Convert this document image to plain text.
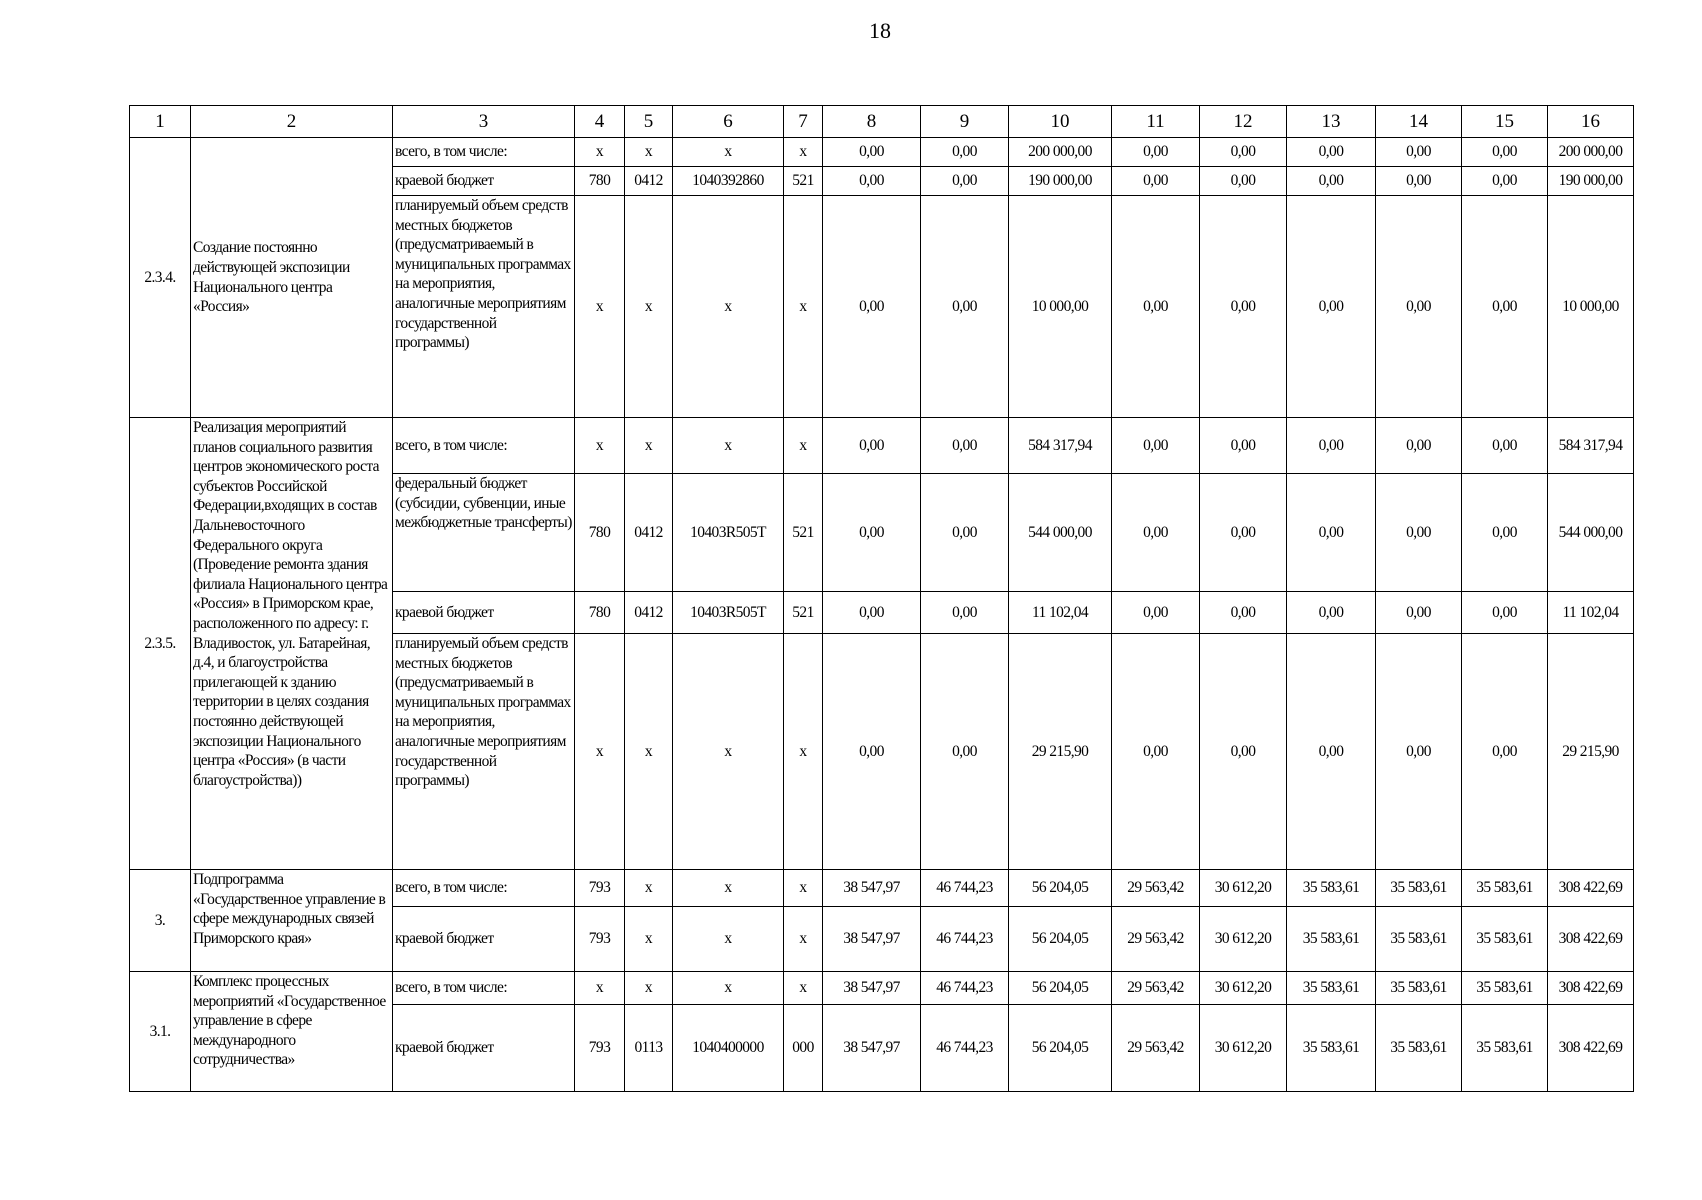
18
1	2	3	4	5	6	7	8	9	10	11	12	13	14	15	16
2.3.4.	Создание постоянно действующей экспозиции Национального центра «Россия»	всего, в том числе:	x	x	x	x	0,00	0,00	200 000,00	0,00	0,00	0,00	0,00	0,00	200 000,00
		краевой бюджет	780	0412	1040392860	521	0,00	0,00	190 000,00	0,00	0,00	0,00	0,00	0,00	190 000,00
		планируемый объем средств местных бюджетов (предусматриваемый в муниципальных программах на мероприятия, аналогичные мероприятиям государственной программы)	x	x	x	x	0,00	0,00	10 000,00	0,00	0,00	0,00	0,00	0,00	10 000,00
2.3.5.	Реализация мероприятий планов социального развития центров экономического роста субъектов Российской Федерации,входящих в состав Дальневосточного Федерального округа (Проведение ремонта здания филиала Национального центра «Россия» в Приморском крае, расположенного по адресу: г. Владивосток, ул. Батарейная, д.4, и благоустройства прилегающей к зданию территории в целях создания постоянно действующей экспозиции Национального центра «Россия» (в части благоустройства))	всего, в том числе:	x	x	x	x	0,00	0,00	584 317,94	0,00	0,00	0,00	0,00	0,00	584 317,94
		федеральный бюджет (субсидии, субвенции, иные межбюджетные трансферты)	780	0412	10403R505T	521	0,00	0,00	544 000,00	0,00	0,00	0,00	0,00	0,00	544 000,00
		краевой бюджет	780	0412	10403R505T	521	0,00	0,00	11 102,04	0,00	0,00	0,00	0,00	0,00	11 102,04
		планируемый объем средств местных бюджетов (предусматриваемый в муниципальных программах на мероприятия, аналогичные мероприятиям государственной программы)	x	x	x	x	0,00	0,00	29 215,90	0,00	0,00	0,00	0,00	0,00	29 215,90
3.	Подпрограмма «Государственное управление в сфере международных связей Приморского края»	всего, в том числе:	793	x	x	x	38 547,97	46 744,23	56 204,05	29 563,42	30 612,20	35 583,61	35 583,61	35 583,61	308 422,69
		краевой бюджет	793	x	x	x	38 547,97	46 744,23	56 204,05	29 563,42	30 612,20	35 583,61	35 583,61	35 583,61	308 422,69
3.1.	Комплекс процессных мероприятий «Государственное управление в сфере международного сотрудничества»	всего, в том числе:	x	x	x	x	38 547,97	46 744,23	56 204,05	29 563,42	30 612,20	35 583,61	35 583,61	35 583,61	308 422,69
		краевой бюджет	793	0113	1040400000	000	38 547,97	46 744,23	56 204,05	29 563,42	30 612,20	35 583,61	35 583,61	35 583,61	308 422,69
